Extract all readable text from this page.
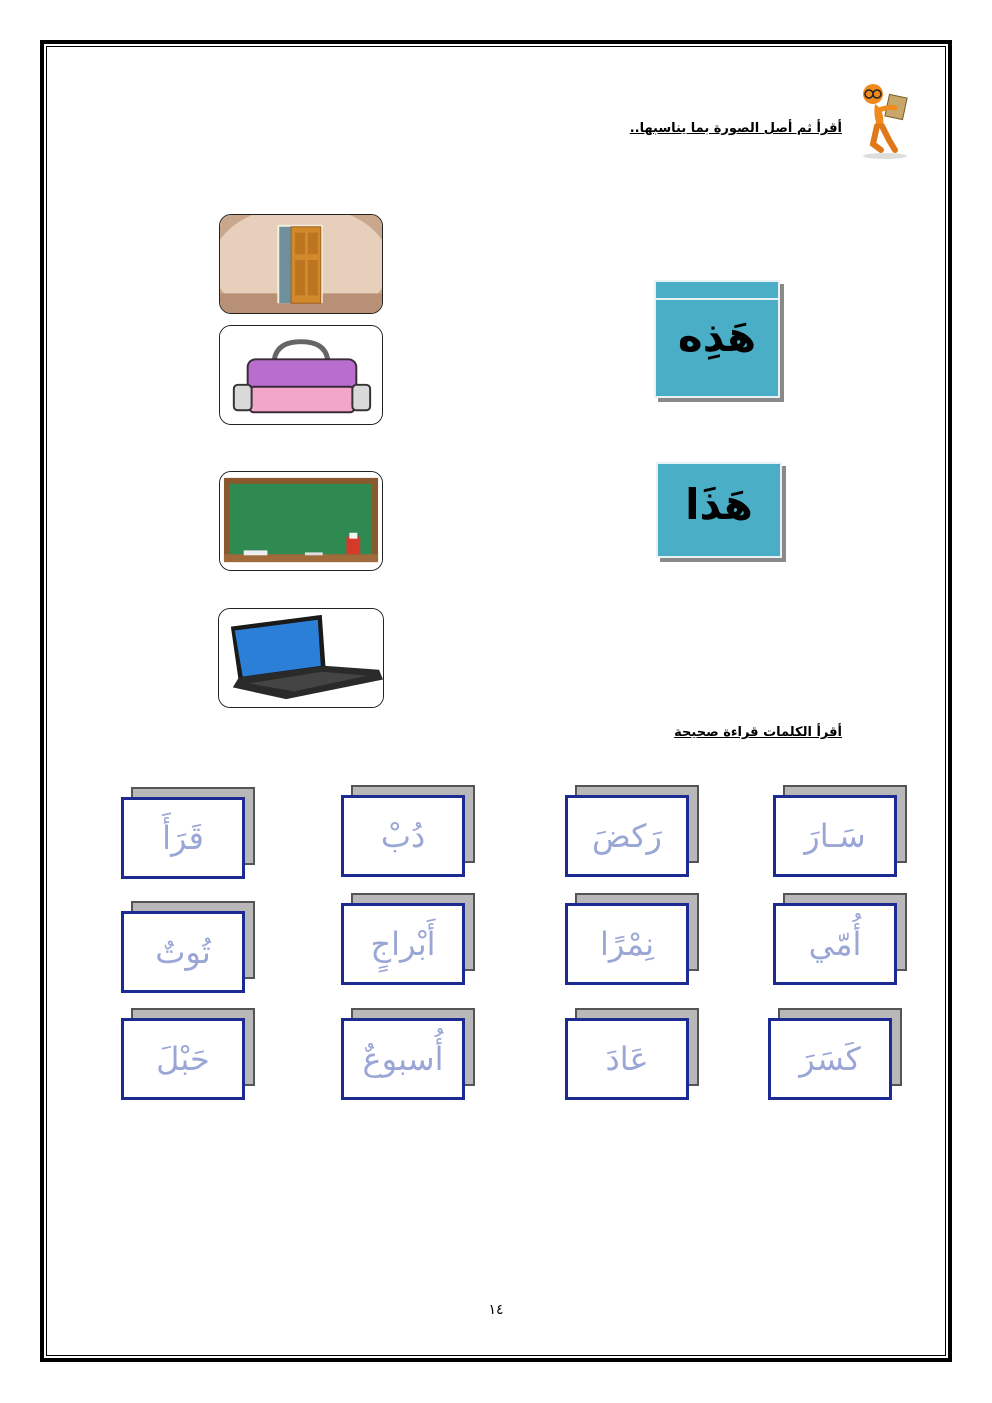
أقرأ ثم أصل الصورة بما يناسبها..
هَذِه
هَذَا
أقرأ الكلمات قراءة صحيحة
قَرَأَ	دُبْ	رَكضَ	سَـارَ
تُوتٌ	أَبْراجٍ	نِمْرًا	أُمّي
حَبْلَ	أُسبوعٌ	عَادَ	كَسَرَ
١٤
